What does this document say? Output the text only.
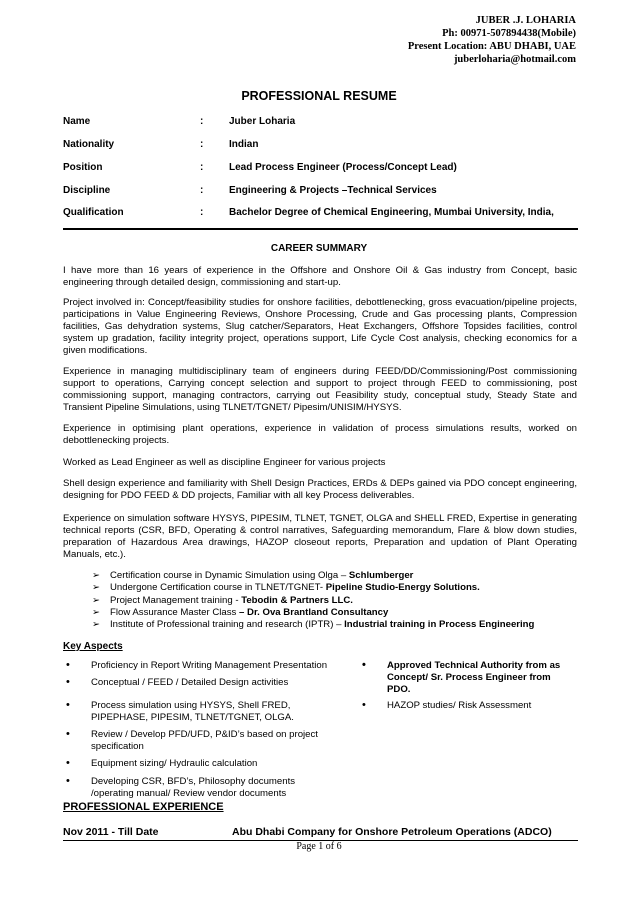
JUBER .J. LOHARIA
Ph: 00971-507894438(Mobile)
Present Location: ABU DHABI, UAE
juberloharia@hotmail.com
PROFESSIONAL RESUME
Name	:	Juber Loharia
Nationality	:	Indian
Position	:	Lead Process Engineer (Process/Concept Lead)
Discipline	:	Engineering & Projects –Technical Services
Qualification	:	Bachelor Degree of Chemical Engineering, Mumbai University, India,
CAREER SUMMARY

I have more than 16 years of experience in the Offshore and Onshore Oil & Gas industry from Concept, basic engineering through detailed design, commissioning and start-up.

Project involved in: Concept/feasibility studies for onshore facilities, debottlenecking, gross evacuation/pipeline projects, participations in Value Engineering Reviews, Onshore Processing, Crude and Gas processing plants, Compression facilities, Gas dehydration systems, Slug catcher/Separators, Heat Exchangers, Offshore Topsides facilities, control system up gradation, facility integrity project, operations support, Life Cycle Cost analysis, checking economics for a given modifications.

Experience in managing multidisciplinary team of engineers during FEED/DD/Commissioning/Post commissioning support to operations, Carrying concept selection and support to project through FEED to commissioning, post commissioning support, managing contractors, carrying out Feasibility study, conceptual study, Steady State and Transient Pipeline Simulations, using TLNET/TGNET/ Pipesim/UNISIM/HYSYS.

Experience in optimising plant operations, experience in validation of process simulations results, worked on debottlenecking projects.

Worked as Lead Engineer as well as discipline Engineer for various projects

Shell design experience and familiarity with Shell Design Practices, ERDs & DEPs gained via PDO concept engineering, designing for PDO FEED & DD projects, Familiar with all key Process deliverables.

Experience on simulation software HYSYS, PIPESIM, TLNET, TGNET, OLGA and SHELL FRED, Expertise in generating technical reports (CSR, BFD, Operating & control narratives, Safeguarding memorandum, Flare & blow down studies, preparation of Hazardous Area drawings, HAZOP closeout reports, Preparation and updation of Plant Operating Manuals, etc.).

➢ Certification course in Dynamic Simulation using Olga – Schlumberger
➢ Undergone Certification course in TLNET/TGNET- Pipeline Studio-Energy Solutions.
➢ Project Management training - Tebodin & Partners LLC.
➢ Flow Assurance Master Class – Dr. Ova Brantland Consultancy
➢ Institute of Professional training and research (IPTR) – Industrial training in Process Engineering
Key Aspects
• Proficiency in Report Writing Management Presentation
• Conceptual / FEED / Detailed Design activities
• Process simulation using HYSYS, Shell FRED,
PIPEPHASE, PIPESIM, TLNET/TGNET, OLGA.
• Review / Develop PFD/UFD, P&ID’s based on project
specification
• Equipment sizing/ Hydraulic calculation
• Developing CSR, BFD’s, Philosophy documents
/operating manual/ Review vendor documents
• Approved Technical Authority from as
Concept/ Sr. Process Engineer from
PDO.
• HAZOP studies/ Risk Assessment
PROFESSIONAL EXPERIENCE
Nov 2011 - Till Date	Abu Dhabi Company for Onshore Petroleum Operations (ADCO)
Page 1 of 6
